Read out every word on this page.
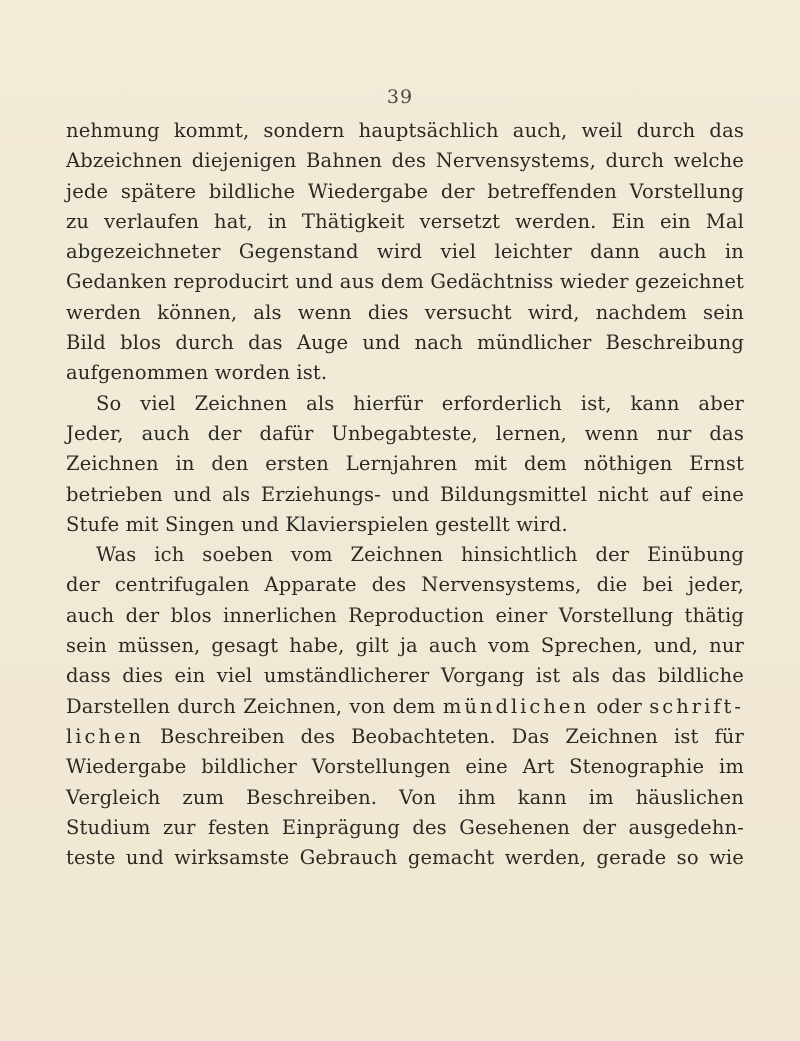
39
nehmung kommt, sondern hauptsächlich auch, weil durch das
Abzeichnen diejenigen Bahnen des Nervensystems, durch welche
jede spätere bildliche Wiedergabe der betreffenden Vorstellung
zu verlaufen hat, in Thätigkeit versetzt werden. Ein ein Mal
abgezeichneter Gegenstand wird viel leichter dann auch in
Gedanken reproducirt und aus dem Gedächtniss wieder gezeichnet
werden können, als wenn dies versucht wird, nachdem sein
Bild blos durch das Auge und nach mündlicher Beschreibung
aufgenommen worden ist.
So viel Zeichnen als hierfür erforderlich ist, kann aber
Jeder, auch der dafür Unbegabteste, lernen, wenn nur das
Zeichnen in den ersten Lernjahren mit dem nöthigen Ernst
betrieben und als Erziehungs- und Bildungsmittel nicht auf eine
Stufe mit Singen und Klavierspielen gestellt wird.
Was ich soeben vom Zeichnen hinsichtlich der Einübung
der centrifugalen Apparate des Nervensystems, die bei jeder,
auch der blos innerlichen Reproduction einer Vorstellung thätig
sein müssen, gesagt habe, gilt ja auch vom Sprechen, und, nur
dass dies ein viel umständlicherer Vorgang ist als das bildliche
Darstellen durch Zeichnen, von dem mündlichen oder schrift-
lichen Beschreiben des Beobachteten. Das Zeichnen ist für
Wiedergabe bildlicher Vorstellungen eine Art Stenographie im
Vergleich zum Beschreiben. Von ihm kann im häuslichen
Studium zur festen Einprägung des Gesehenen der ausgedehn-
teste und wirksamste Gebrauch gemacht werden, gerade so wie
